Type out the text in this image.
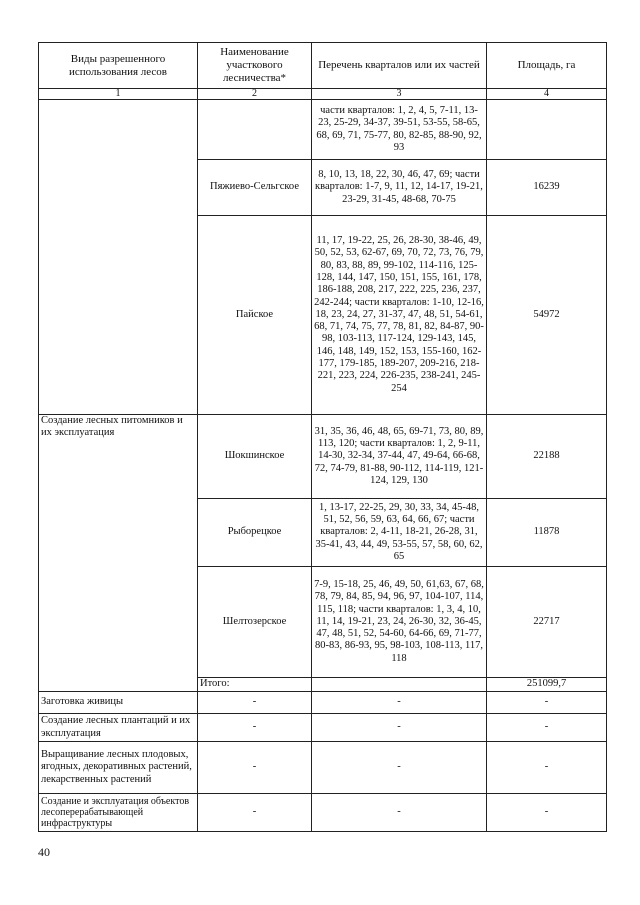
Виды разрешенного использования лесов	Наименование участкового лесничества*	Перечень кварталов или их частей	Площадь, га
1	2	3	4
		части кварталов: 1, 2, 4, 5, 7-11, 13-23, 25-29, 34-37, 39-51, 53-55, 58-65, 68, 69, 71, 75-77, 80, 82-85, 88-90, 92, 93	
	Пяжиево-Сельгское	8, 10, 13, 18, 22, 30, 46, 47, 69; части кварталов: 1-7, 9, 11, 12, 14-17, 19-21, 23-29, 31-45, 48-68, 70-75	16239
	Пайское	11, 17, 19-22, 25, 26, 28-30, 38-46, 49, 50, 52, 53, 62-67, 69, 70, 72, 73, 76, 79, 80, 83, 88, 89, 99-102, 114-116, 125-128, 144, 147, 150, 151, 155, 161, 178, 186-188, 208, 217, 222, 225, 236, 237, 242-244; части кварталов: 1-10, 12-16, 18, 23, 24, 27, 31-37, 47, 48, 51, 54-61, 68, 71, 74, 75, 77, 78, 81, 82, 84-87, 90-98, 103-113, 117-124, 129-143, 145, 146, 148, 149, 152, 153, 155-160, 162-177, 179-185, 189-207, 209-216, 218-221, 223, 224, 226-235, 238-241, 245-254	54972
Создание лесных питомников и их эксплуатация	Шокшинское	31, 35, 36, 46, 48, 65, 69-71, 73, 80, 89, 113, 120; части кварталов: 1, 2, 9-11, 14-30, 32-34, 37-44, 47, 49-64, 66-68, 72, 74-79, 81-88, 90-112, 114-119, 121-124, 129, 130	22188
	Рыборецкое	1, 13-17, 22-25, 29, 30, 33, 34, 45-48, 51, 52, 56, 59, 63, 64, 66, 67; части кварталов: 2, 4-11, 18-21, 26-28, 31, 35-41, 43, 44, 49, 53-55, 57, 58, 60, 62, 65	11878
	Шелтозерское	7-9, 15-18, 25, 46, 49, 50, 61,63, 67, 68, 78, 79, 84, 85, 94, 96, 97, 104-107, 114, 115, 118; части кварталов: 1, 3, 4, 10, 11, 14, 19-21, 23, 24, 26-30, 32, 36-45, 47, 48, 51, 52, 54-60, 64-66, 69, 71-77, 80-83, 86-93, 95, 98-103, 108-113, 117, 118	22717
	Итого:		251099,7
Заготовка живицы	-	-	-
Создание лесных плантаций и их эксплуатация	-	-	-
Выращивание лесных плодовых, ягодных, декоративных растений, лекарственных растений	-	-	-
Создание и эксплуатация объектов лесоперерабатывающей инфраструктуры	-	-	-
40
